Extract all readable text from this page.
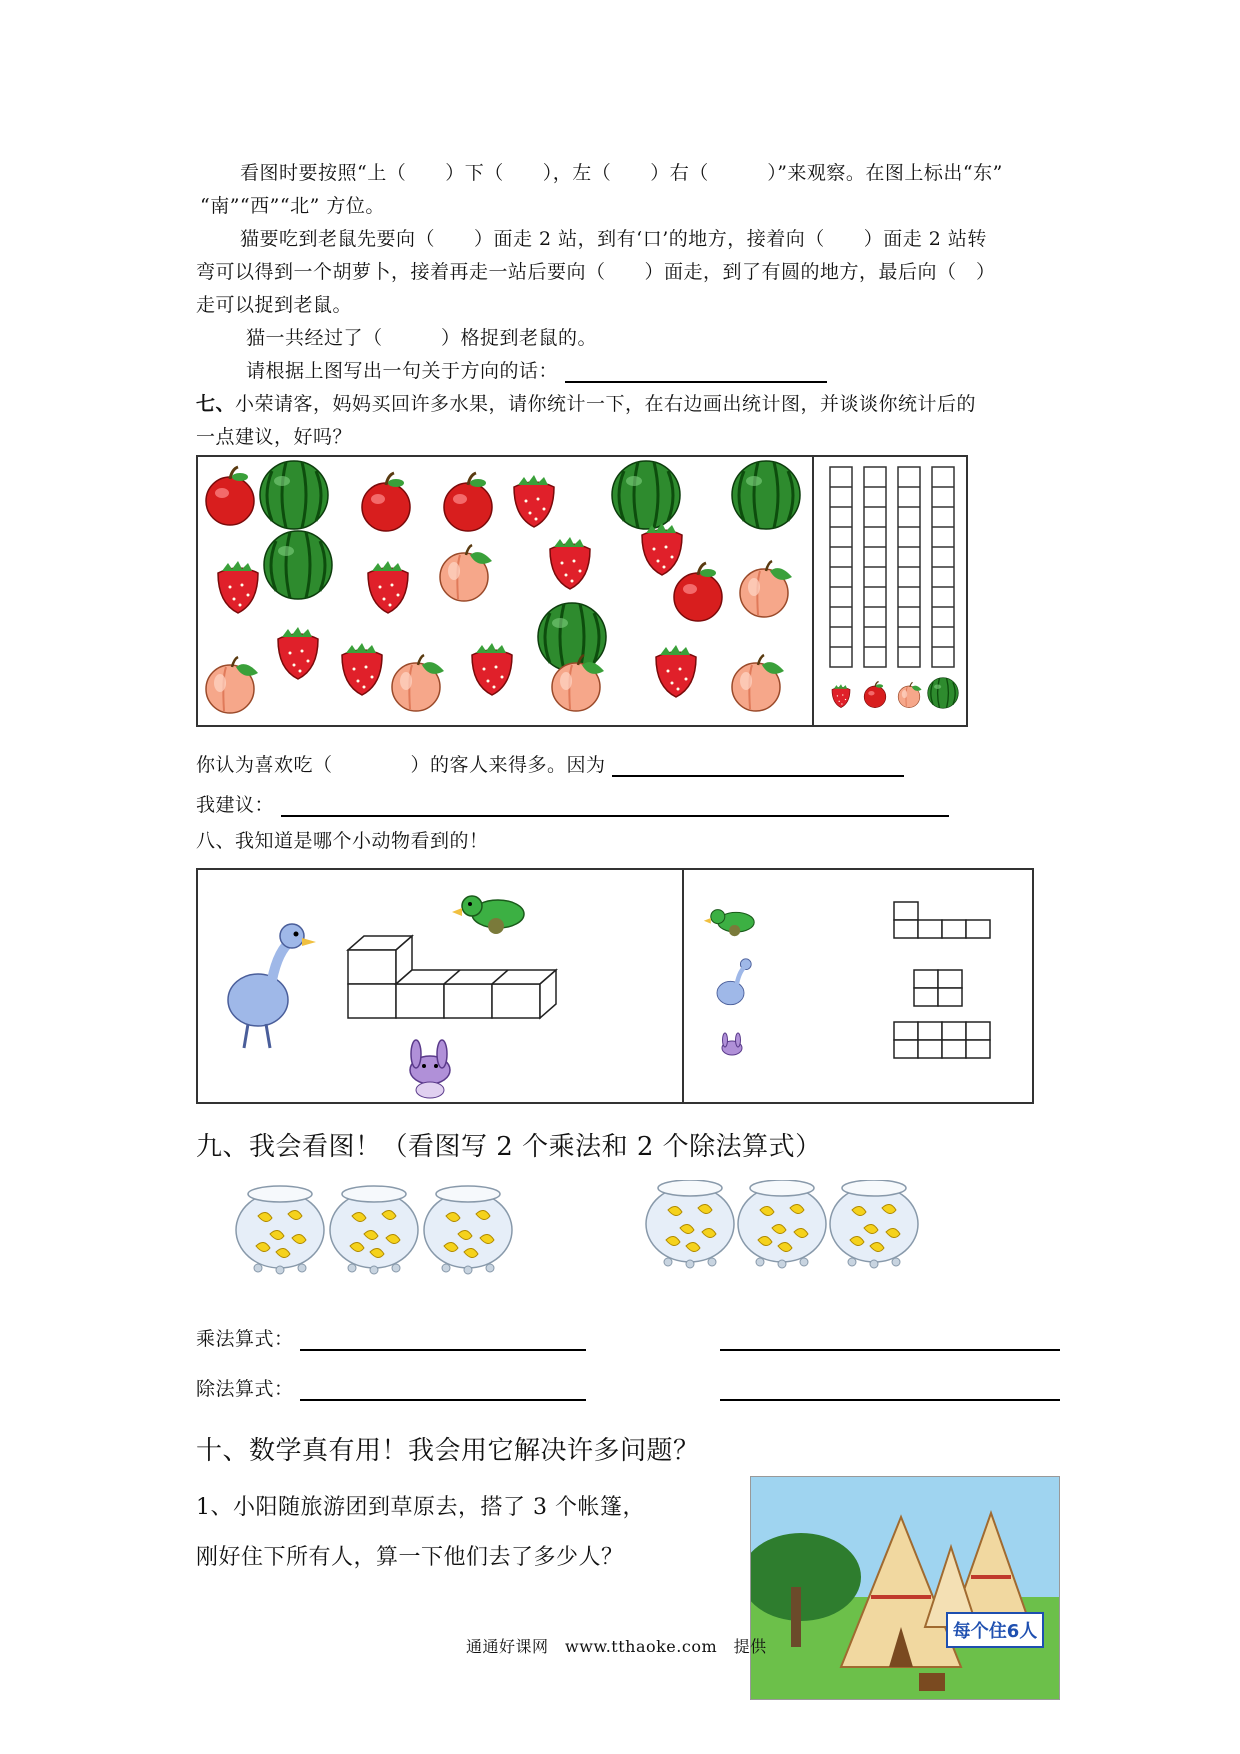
看图时要按照“上（　　）下（　　），左（　　）右（　　　）”来观察。在图上标出“东”
“南”“西”“北” 方位。
猫要吃到老鼠先要向（　　）面走 2 站，到有‘口’的地方，接着向（　　）面走 2 站转
弯可以得到一个胡萝卜，接着再走一站后要向（　　）面走，到了有圆的地方，最后向（　）
走可以捉到老鼠。
猫一共经过了（　　　）格捉到老鼠的。
请根据上图写出一句关于方向的话：
七、小荣请客，妈妈买回许多水果，请你统计一下，在右边画出统计图，并谈谈你统计后的
一点建议，好吗？
你认为喜欢吃（　　　　）的客人来得多。因为
我建议：
八、我知道是哪个小动物看到的！
九、我会看图！（看图写 2 个乘法和 2 个除法算式）
乘法算式：
除法算式：
十、数学真有用！我会用它解决许多问题？
1、小阳随旅游团到草原去，搭了 3 个帐篷，
刚好住下所有人，算一下他们去了多少人？
每个住6人
通通好课网　www.tthaoke.com　提供
